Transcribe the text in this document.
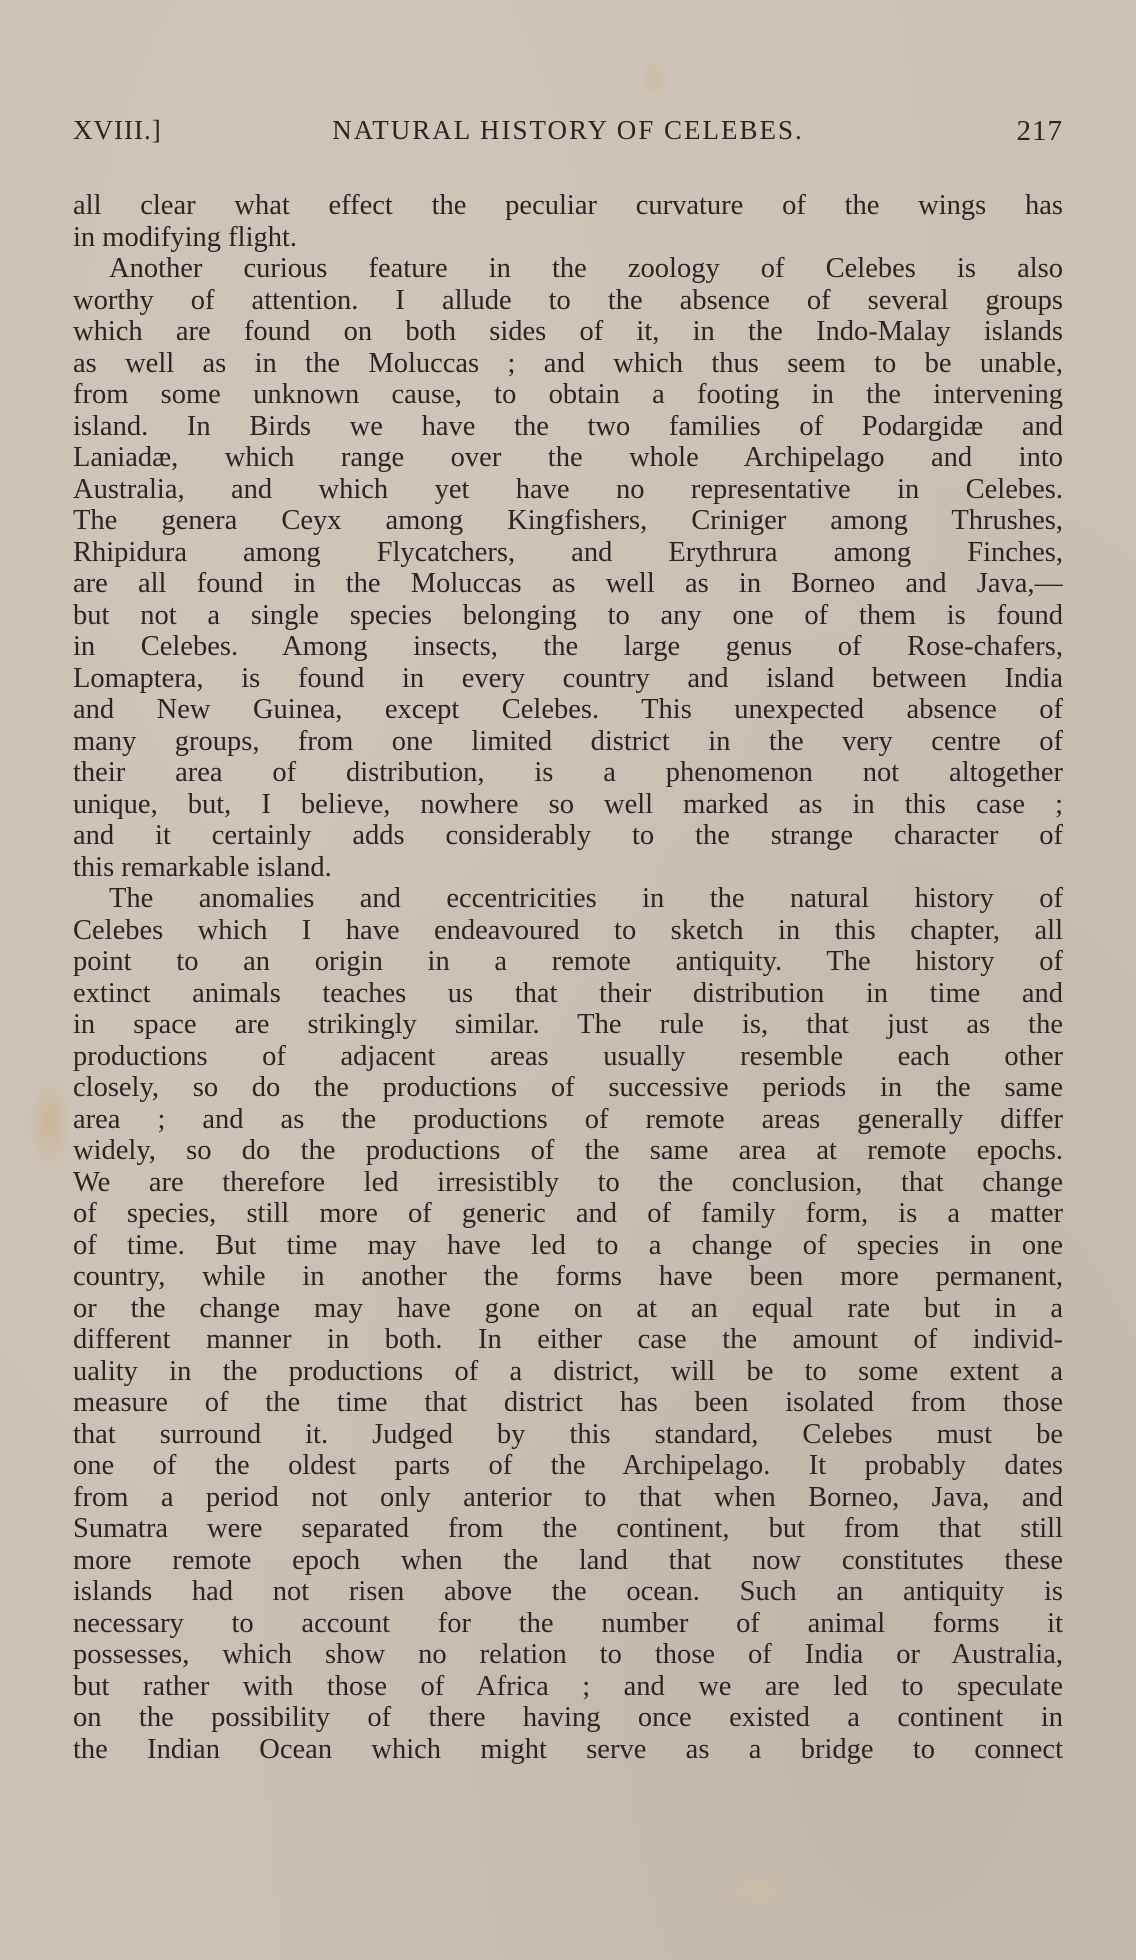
XVIII.]	NATURAL HISTORY OF CELEBES.	217
all clear what effect the peculiar curvature of the wings has
in modifying flight.
Another curious feature in the zoology of Celebes is also
worthy of attention. I allude to the absence of several groups
which are found on both sides of it, in the Indo-Malay islands
as well as in the Moluccas ; and which thus seem to be unable,
from some unknown cause, to obtain a footing in the intervening
island. In Birds we have the two families of Podargidæ and
Laniadæ, which range over the whole Archipelago and into
Australia, and which yet have no representative in Celebes.
The genera Ceyx among Kingfishers, Criniger among Thrushes,
Rhipidura among Flycatchers, and Erythrura among Finches,
are all found in the Moluccas as well as in Borneo and Java,—
but not a single species belonging to any one of them is found
in Celebes. Among insects, the large genus of Rose-chafers,
Lomaptera, is found in every country and island between India
and New Guinea, except Celebes. This unexpected absence of
many groups, from one limited district in the very centre of
their area of distribution, is a phenomenon not altogether
unique, but, I believe, nowhere so well marked as in this case ;
and it certainly adds considerably to the strange character of
this remarkable island.
The anomalies and eccentricities in the natural history of
Celebes which I have endeavoured to sketch in this chapter, all
point to an origin in a remote antiquity. The history of
extinct animals teaches us that their distribution in time and
in space are strikingly similar. The rule is, that just as the
productions of adjacent areas usually resemble each other
closely, so do the productions of successive periods in the same
area ; and as the productions of remote areas generally differ
widely, so do the productions of the same area at remote epochs.
We are therefore led irresistibly to the conclusion, that change
of species, still more of generic and of family form, is a matter
of time. But time may have led to a change of species in one
country, while in another the forms have been more permanent,
or the change may have gone on at an equal rate but in a
different manner in both. In either case the amount of individ-
uality in the productions of a district, will be to some extent a
measure of the time that district has been isolated from those
that surround it. Judged by this standard, Celebes must be
one of the oldest parts of the Archipelago. It probably dates
from a period not only anterior to that when Borneo, Java, and
Sumatra were separated from the continent, but from that still
more remote epoch when the land that now constitutes these
islands had not risen above the ocean. Such an antiquity is
necessary to account for the number of animal forms it
possesses, which show no relation to those of India or Australia,
but rather with those of Africa ; and we are led to speculate
on the possibility of there having once existed a continent in
the Indian Ocean which might serve as a bridge to connect
